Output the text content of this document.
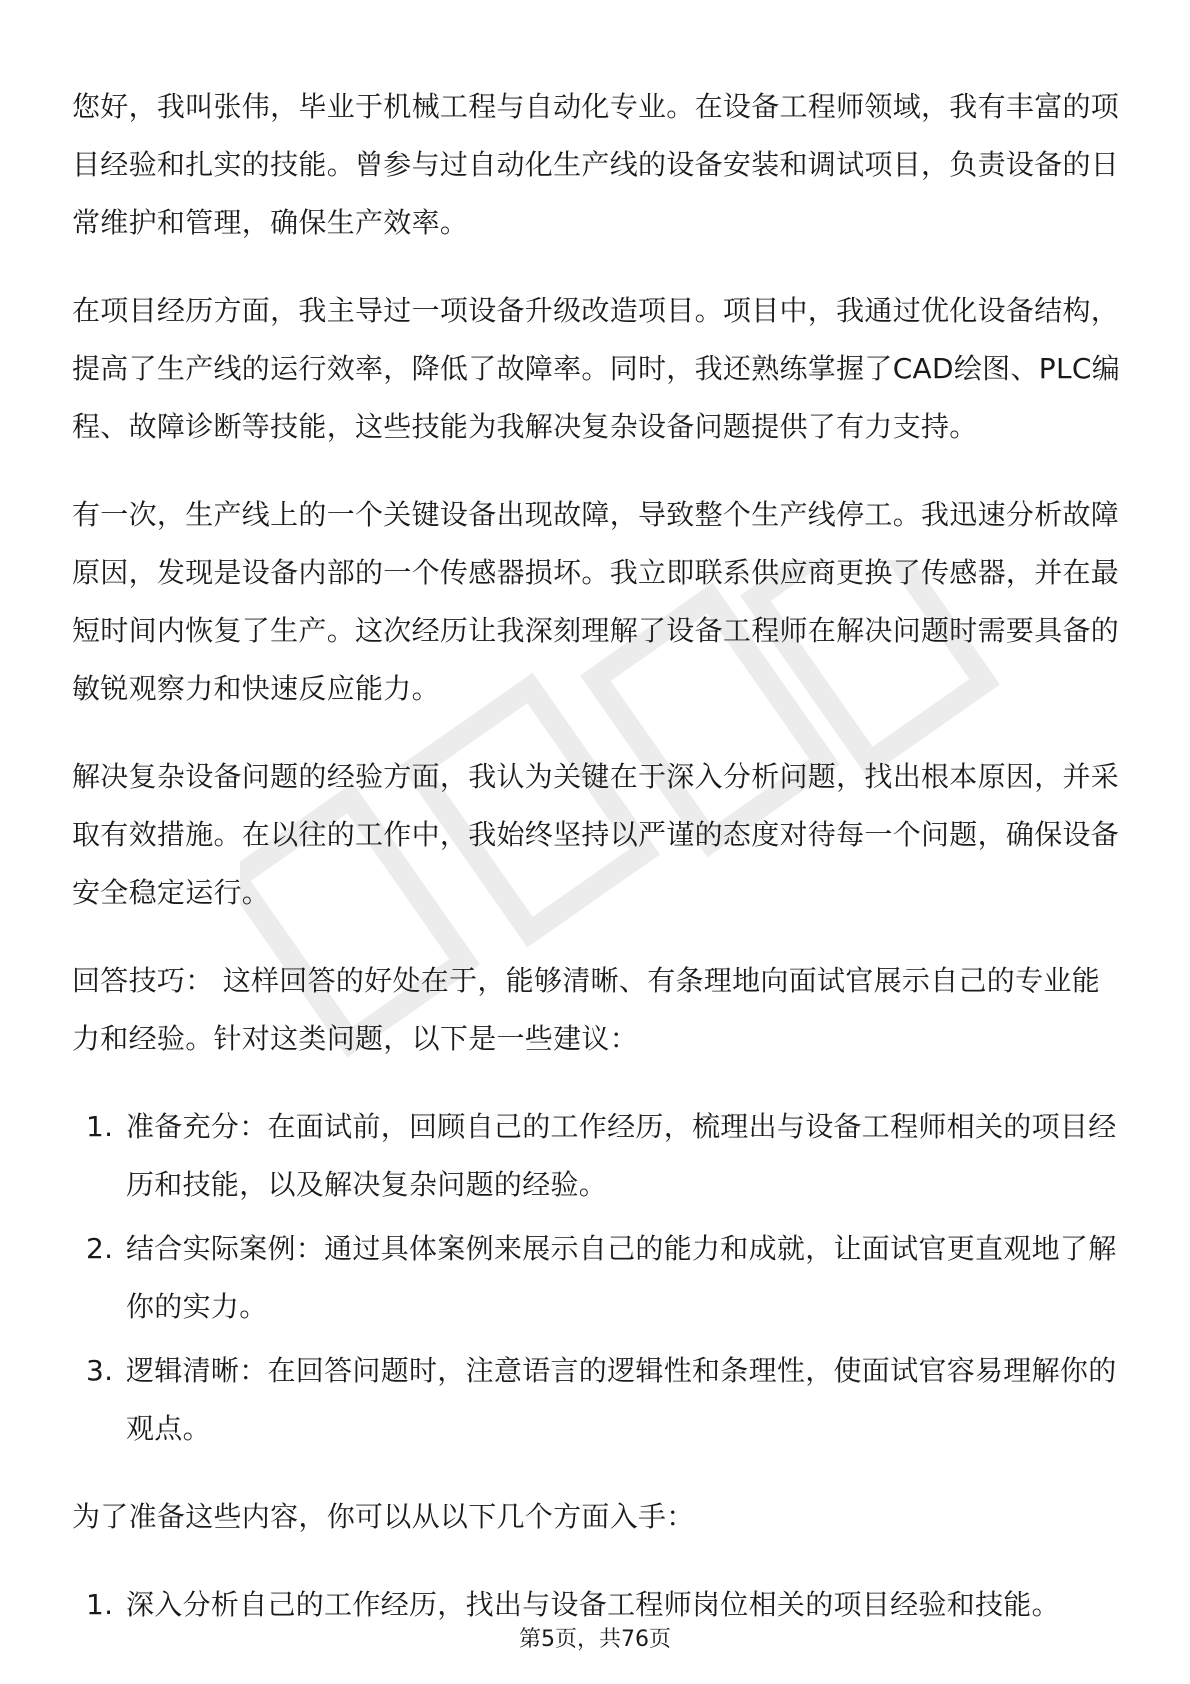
您好，我叫张伟，毕业于机械工程与自动化专业。在设备工程师领域，我有丰富的项目经验和扎实的技能。曾参与过自动化生产线的设备安装和调试项目，负责设备的日常维护和管理，确保生产效率。

在项目经历方面，我主导过一项设备升级改造项目。项目中，我通过优化设备结构，提高了生产线的运行效率，降低了故障率。同时，我还熟练掌握了CAD绘图、PLC编程、故障诊断等技能，这些技能为我解决复杂设备问题提供了有力支持。

有一次，生产线上的一个关键设备出现故障，导致整个生产线停工。我迅速分析故障原因，发现是设备内部的一个传感器损坏。我立即联系供应商更换了传感器，并在最短时间内恢复了生产。这次经历让我深刻理解了设备工程师在解决问题时需要具备的敏锐观察力和快速反应能力。

解决复杂设备问题的经验方面，我认为关键在于深入分析问题，找出根本原因，并采取有效措施。在以往的工作中，我始终坚持以严谨的态度对待每一个问题，确保设备安全稳定运行。

回答技巧： 这样回答的好处在于，能够清晰、有条理地向面试官展示自己的专业能力和经验。针对这类问题，以下是一些建议：

1. 准备充分：在面试前，回顾自己的工作经历，梳理出与设备工程师相关的项目经历和技能，以及解决复杂问题的经验。
2. 结合实际案例：通过具体案例来展示自己的能力和成就，让面试官更直观地了解你的实力。
3. 逻辑清晰：在回答问题时，注意语言的逻辑性和条理性，使面试官容易理解你的观点。

为了准备这些内容，你可以从以下几个方面入手：

1. 深入分析自己的工作经历，找出与设备工程师岗位相关的项目经验和技能。
第5页，共76页
